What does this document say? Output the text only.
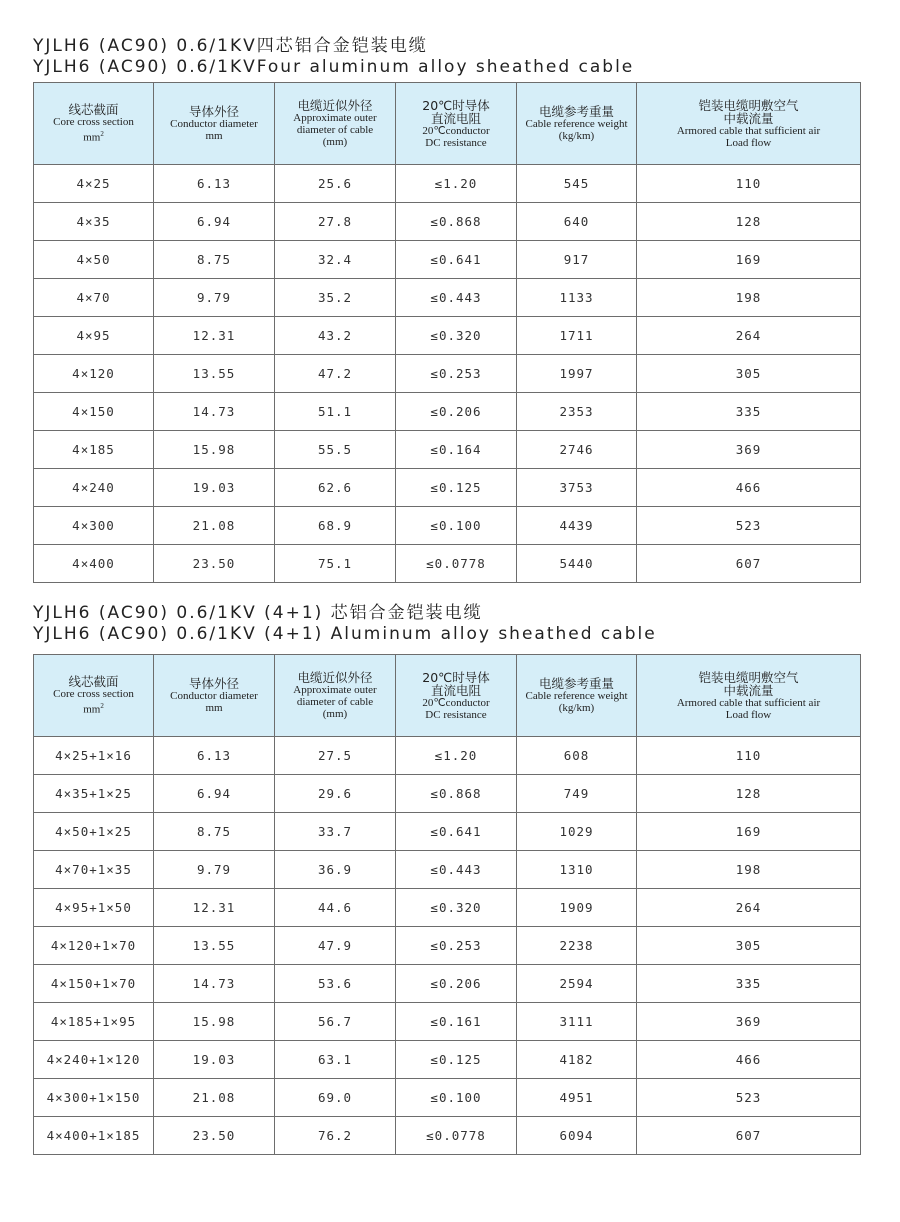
YJLH6 (AC90) 0.6/1KV四芯铝合金铠装电缆
YJLH6 (AC90) 0.6/1KVFour aluminum alloy sheathed cable
线芯截面
Core cross section
$mm^2$	导体外径
Conductor diameter
mm	电缆近似外径
Approximate outer
diameter of cable
(mm)	20℃时导体
直流电阻
20℃conductor
DC resistance	电缆参考重量
Cable reference weight
(kg/km)	铠装电缆明敷空气
中载流量
Armored cable that sufficient air
Load flow

4×25	6.13	25.6	≤1.20	545	110
4×35	6.94	27.8	≤0.868	640	128
4×50	8.75	32.4	≤0.641	917	169
4×70	9.79	35.2	≤0.443	1133	198
4×95	12.31	43.2	≤0.320	1711	264
4×120	13.55	47.2	≤0.253	1997	305
4×150	14.73	51.1	≤0.206	2353	335
4×185	15.98	55.5	≤0.164	2746	369
4×240	19.03	62.6	≤0.125	3753	466
4×300	21.08	68.9	≤0.100	4439	523
4×400	23.50	75.1	≤0.0778	5440	607
YJLH6 (AC90) 0.6/1KV (4+1) 芯铝合金铠装电缆
YJLH6 (AC90) 0.6/1KV (4+1) Aluminum alloy sheathed cable
线芯截面
Core cross section
$mm^2$	导体外径
Conductor diameter
mm	电缆近似外径
Approximate outer
diameter of cable
(mm)	20℃时导体
直流电阻
20℃conductor
DC resistance	电缆参考重量
Cable reference weight
(kg/km)	铠装电缆明敷空气
中载流量
Armored cable that sufficient air
Load flow

4×25+1×16	6.13	27.5	≤1.20	608	110
4×35+1×25	6.94	29.6	≤0.868	749	128
4×50+1×25	8.75	33.7	≤0.641	1029	169
4×70+1×35	9.79	36.9	≤0.443	1310	198
4×95+1×50	12.31	44.6	≤0.320	1909	264
4×120+1×70	13.55	47.9	≤0.253	2238	305
4×150+1×70	14.73	53.6	≤0.206	2594	335
4×185+1×95	15.98	56.7	≤0.161	3111	369
4×240+1×120	19.03	63.1	≤0.125	4182	466
4×300+1×150	21.08	69.0	≤0.100	4951	523
4×400+1×185	23.50	76.2	≤0.0778	6094	607
